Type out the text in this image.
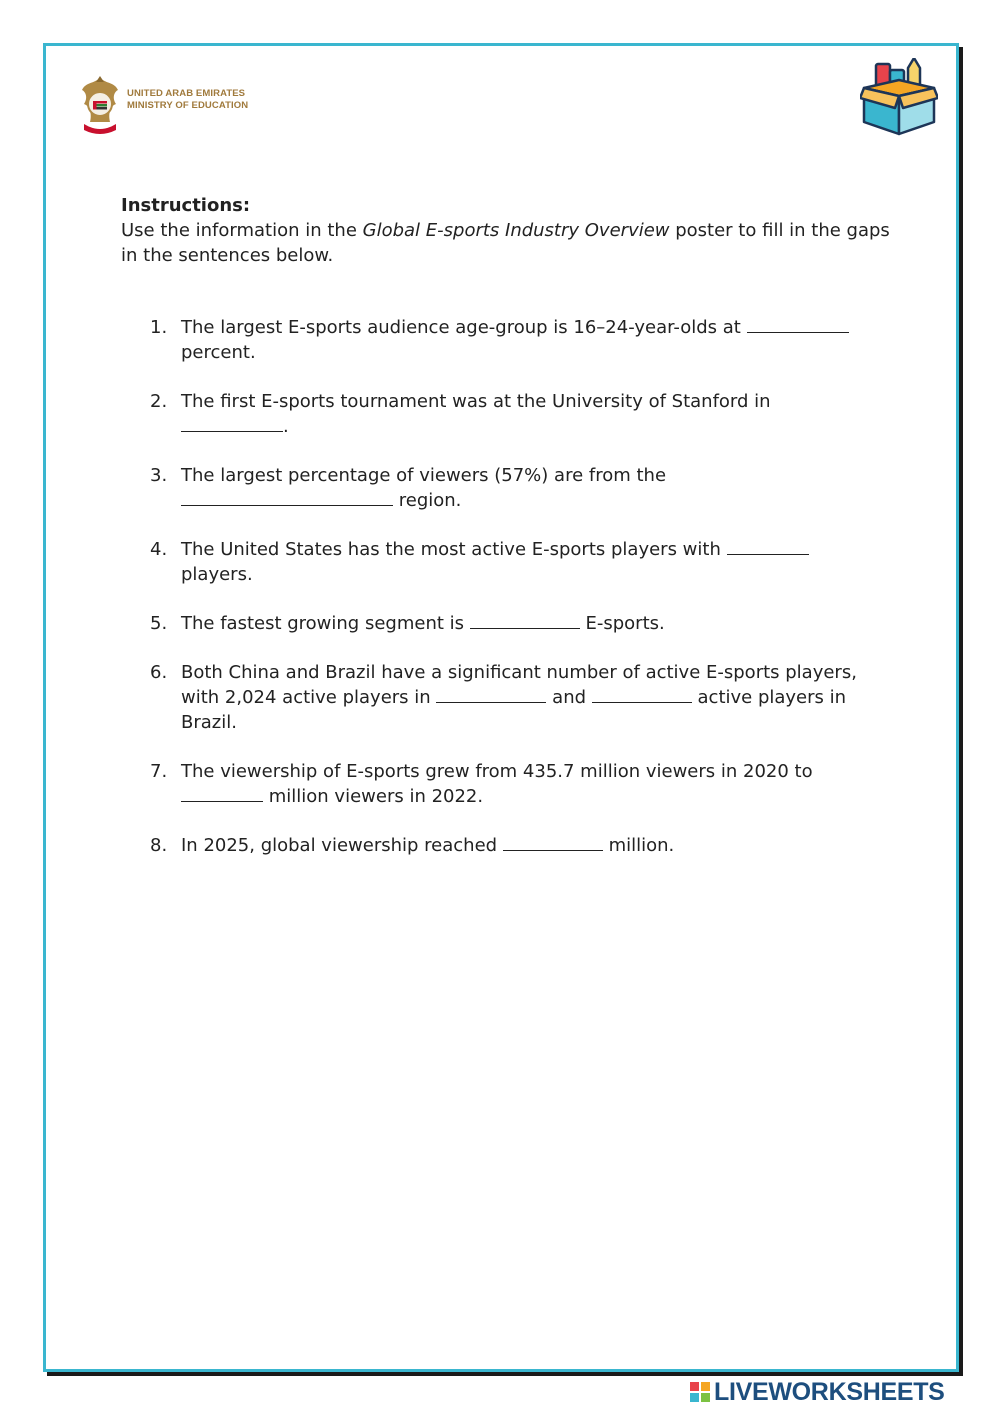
UNITED ARAB EMIRATES
MINISTRY OF EDUCATION
Instructions:
Use the information in the Global E-sports Industry Overview poster to fill in the gaps in the sentences below.
1. The largest E-sports audience age-group is 16–24-year-olds at  percent.
2. The first E-sports tournament was at the University of Stanford in .
3. The largest percentage of viewers (57%) are from the  region.
4. The United States has the most active E-sports players with  players.
5. The fastest growing segment is	E-sports.
6. Both China and Brazil have a significant number of active E-sports players, with 2,024 active players in	and	active players in Brazil.
7. The viewership of E-sports grew from 435.7 million viewers in 2020 to  million viewers in 2022.
8. In 2025, global viewership reached	million.
LIVEWORKSHEETS
